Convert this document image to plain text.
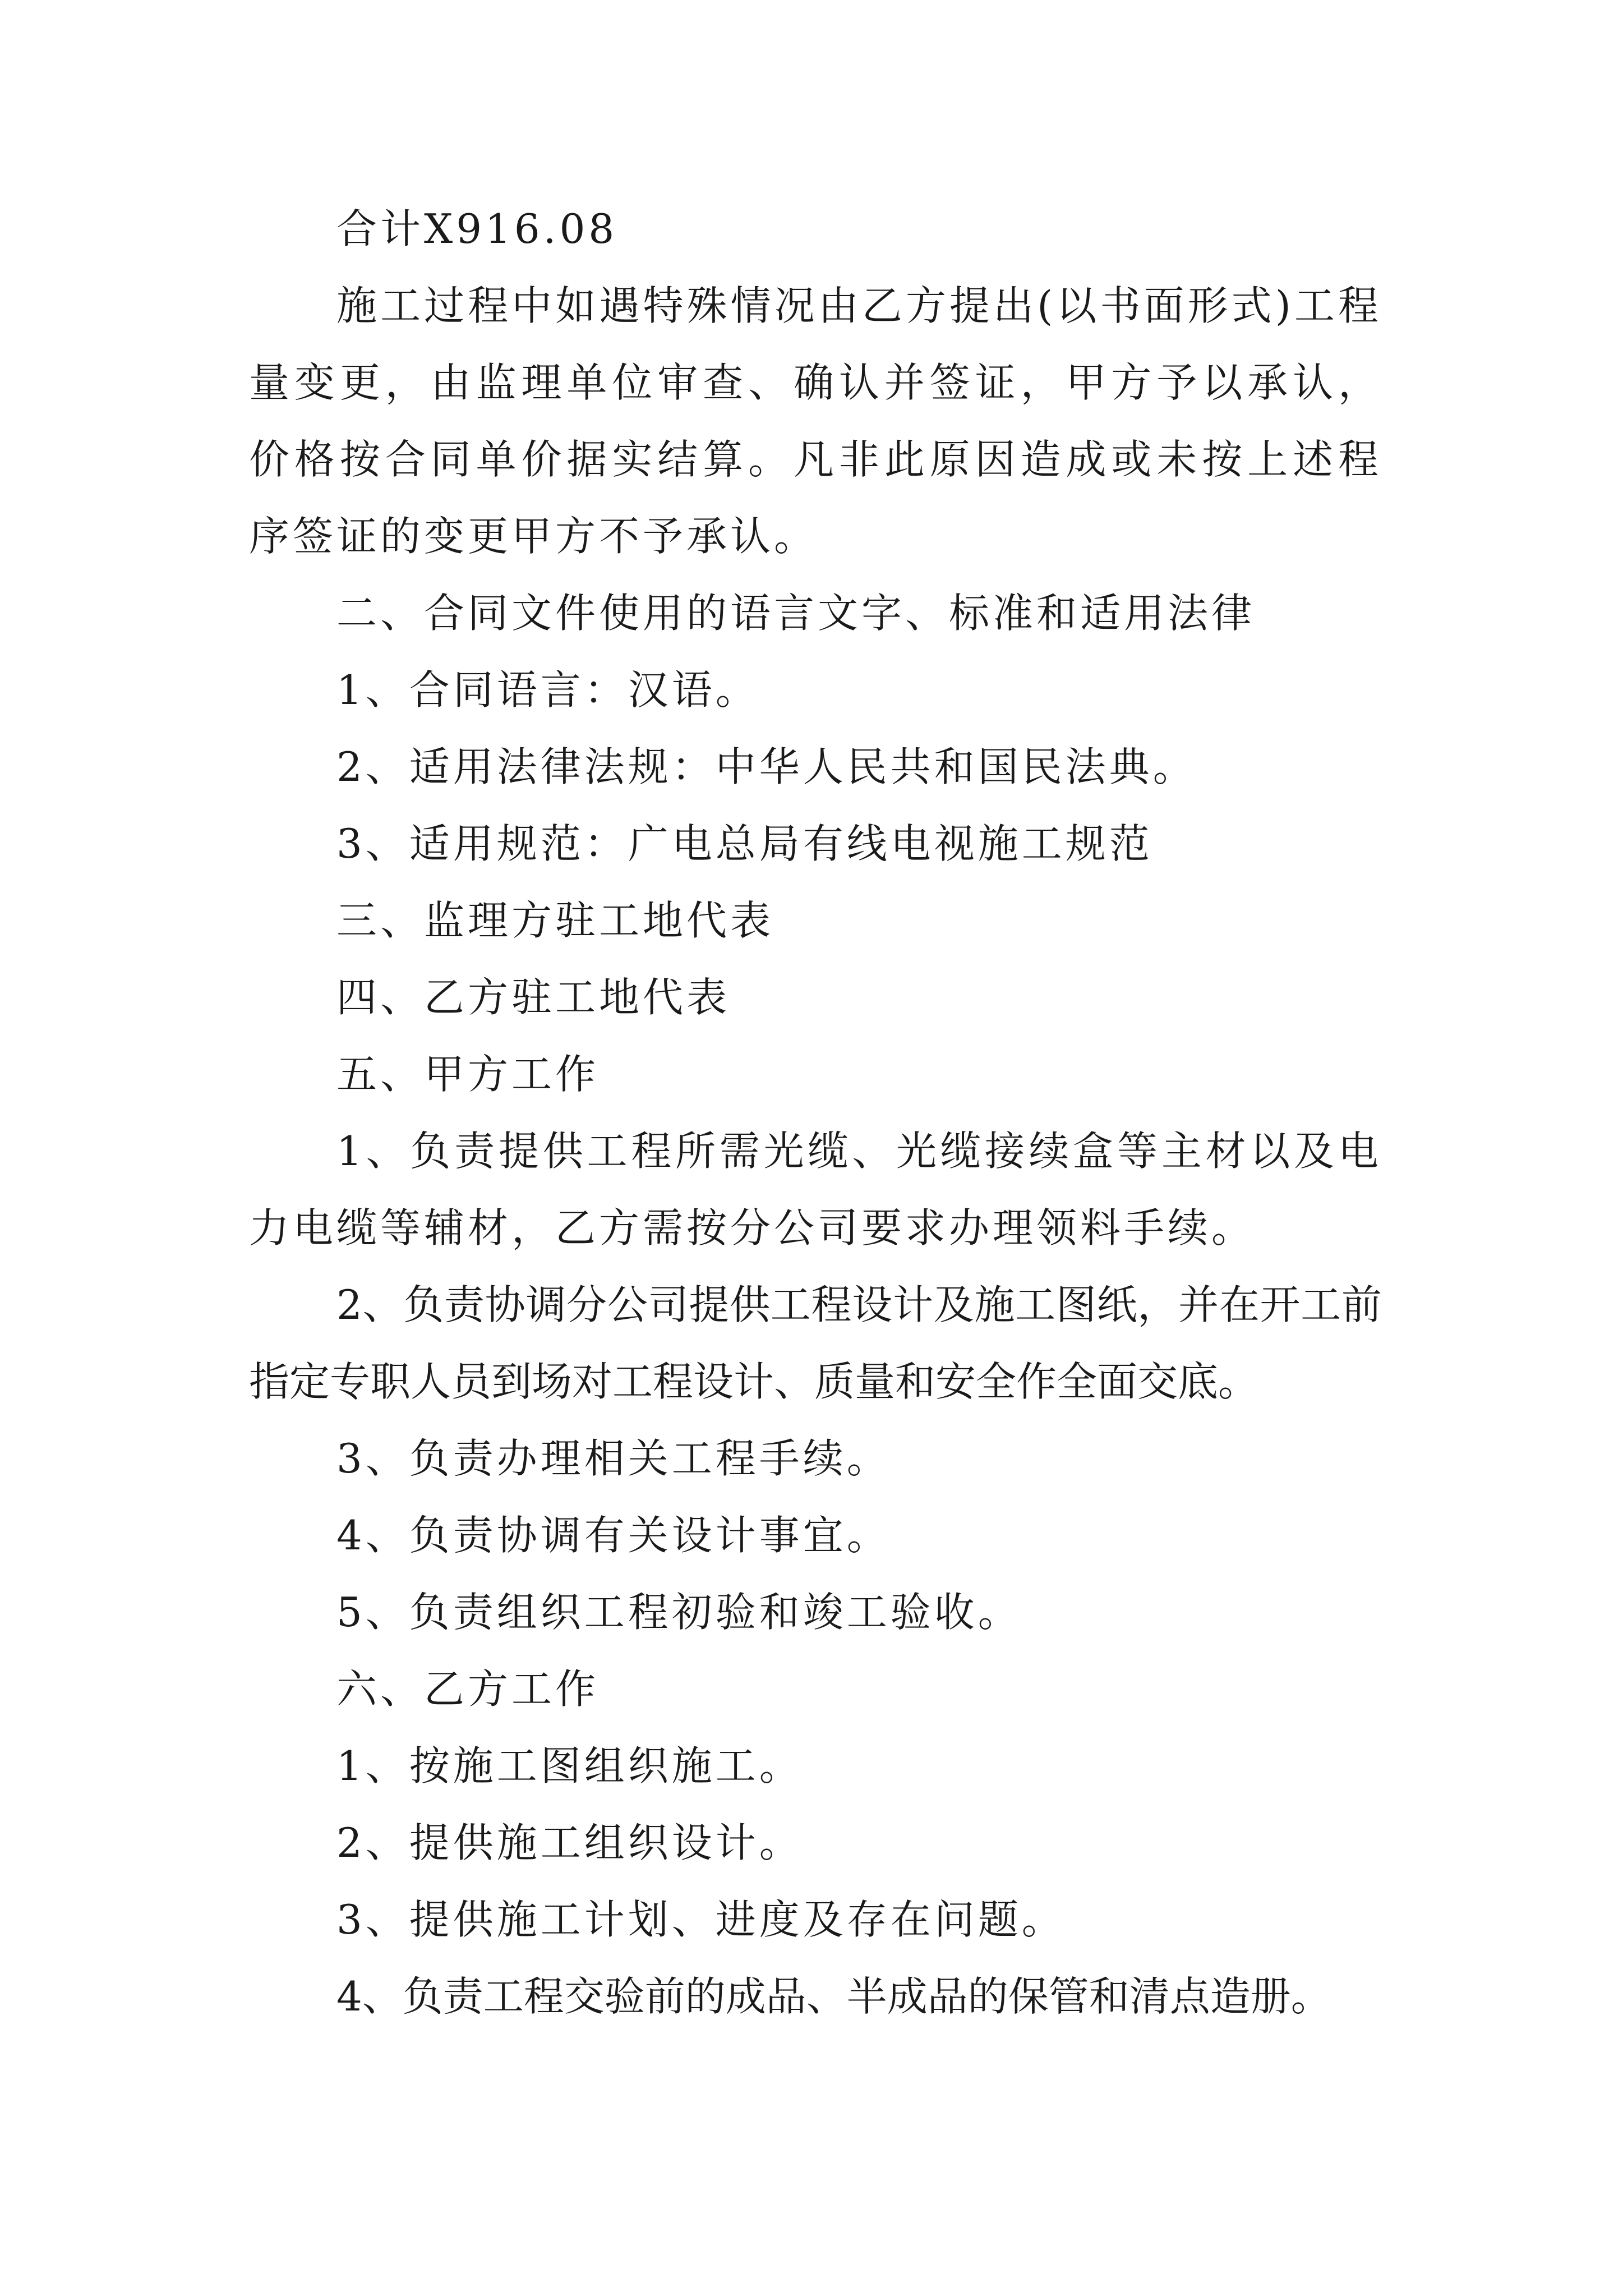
合计X916.08

施工过程中如遇特殊情况由乙方提出(以书面形式)工程量变更，由监理单位审查、确认并签证，甲方予以承认，价格按合同单价据实结算。凡非此原因造成或未按上述程序签证的变更甲方不予承认。

二、合同文件使用的语言文字、标准和适用法律

1、合同语言：汉语。

2、适用法律法规：中华人民共和国民法典。

3、适用规范：广电总局有线电视施工规范

三、监理方驻工地代表

四、乙方驻工地代表

五、甲方工作

1、负责提供工程所需光缆、光缆接续盒等主材以及电力电缆等辅材，乙方需按分公司要求办理领料手续。

2、负责协调分公司提供工程设计及施工图纸，并在开工前指定专职人员到场对工程设计、质量和安全作全面交底。

3、负责办理相关工程手续。

4、负责协调有关设计事宜。

5、负责组织工程初验和竣工验收。

六、乙方工作

1、按施工图组织施工。

2、提供施工组织设计。

3、提供施工计划、进度及存在问题。

4、负责工程交验前的成品、半成品的保管和清点造册。
